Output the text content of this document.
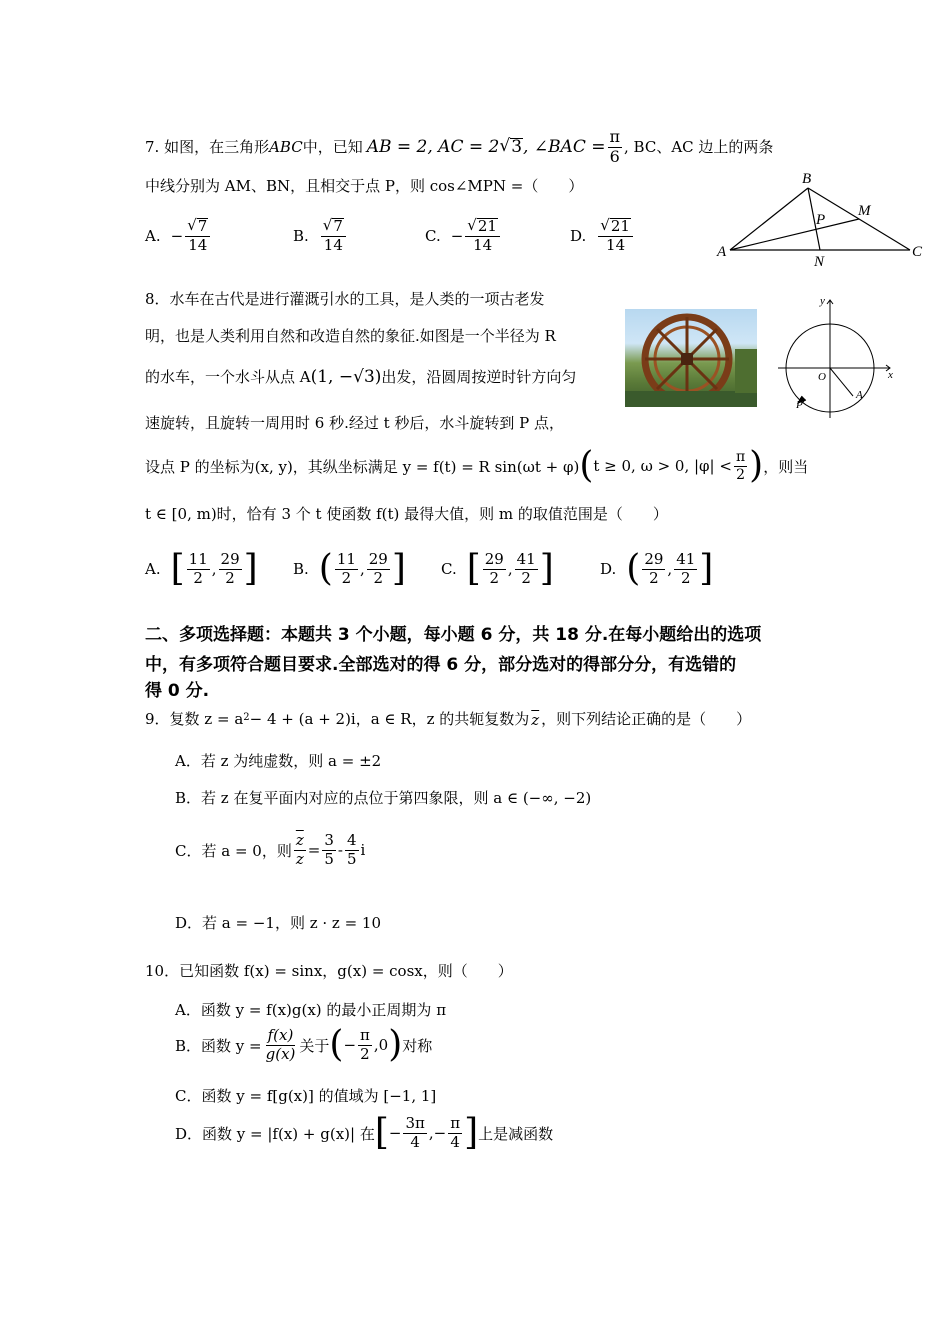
7. 如图，在三角形 ABC 中，已知 AB = 2, AC = 2 √ 3 , ∠BAC = $\frac{\pi}{6}$ , BC、AC 边上的两条
中线分别为 AM、BN，且相交于点 P，则 cos∠MPN =（　　）
A. − $\frac{√ 7}{14}$	B. $\frac{√ 7}{14}$	C. − $\frac{√ 21}{14}$	D. $\frac{√ 21}{14}$	A
B
C
M
N
P
8．水车在古代是进行灌溉引水的工具，是人类的一项古老发
明，也是人类利用自然和改造自然的象征.如图是一个半径为 R
的水车，一个水斗从点 A (1, −√3) 出发，沿圆周按逆时针方向匀
速旋转，且旋转一周用时 6 秒.经过 t 秒后，水斗旋转到 P 点，
设点 P 的坐标为(x, y)，其纵坐标满足 y = f(t) = R sin(ωt + φ) ( t ≥ 0, ω > 0, $|\varphi| < \frac{\pi}{2}$ ) ，则当
t ∈ [0, m)时，恰有 3 个 t 使函数 f(t) 最得大值，则 m 的取值范围是（　　）
A. [ $\frac{11}{2}$ , $\frac{29}{2}$ ] B. ( $\frac{11}{2}$ , $\frac{29}{2}$ ] C. [ $\frac{29}{2}$ , $\frac{41}{2}$ ]	D. ( $\frac{29}{2}$ , $\frac{41}{2}$ ]
y
x
O
A
P
二、多项选择题：本题共 3 个小题，每小题 6 分，共 18 分.在每小题给出的选项
中，有多项符合题目要求.全部选对的得 6 分，部分选对的得部分分，有选错的
得 0 分.
9．复数 $z = a^2 - 4 + (a + 2)i$，a ∈ R，z 的共轭复数为 $\overline{z}$ ，则下列结论正确的是（　　）
A．若 z 为纯虚数，则 a = ±2
B．若 z 在复平面内对应的点位于第四象限，则 a ∈ (−∞, −2)
C．若 a = 0，则 $\frac{\overline{z}}{z} = \frac{3}{5} - \frac{4}{5}$ i
D．若 a = −1，则 z · z = 10
10．已知函数 f(x) = sinx，g(x) = cosx，则（　　）
A．函数 y = f(x)g(x) 的最小正周期为 π
B．函数 $y = \frac{f(x)}{g(x)}$ 关于 ( − $\frac{\pi}{2} ,0$ ) 对称
C．函数 y = f[g(x)] 的值域为 [−1, 1]
D．函数 y = |f(x) + g(x)| 在 [ − $\frac{3\pi}{4}$ ,− $\frac{\pi}{4}$ ] 上是减函数
